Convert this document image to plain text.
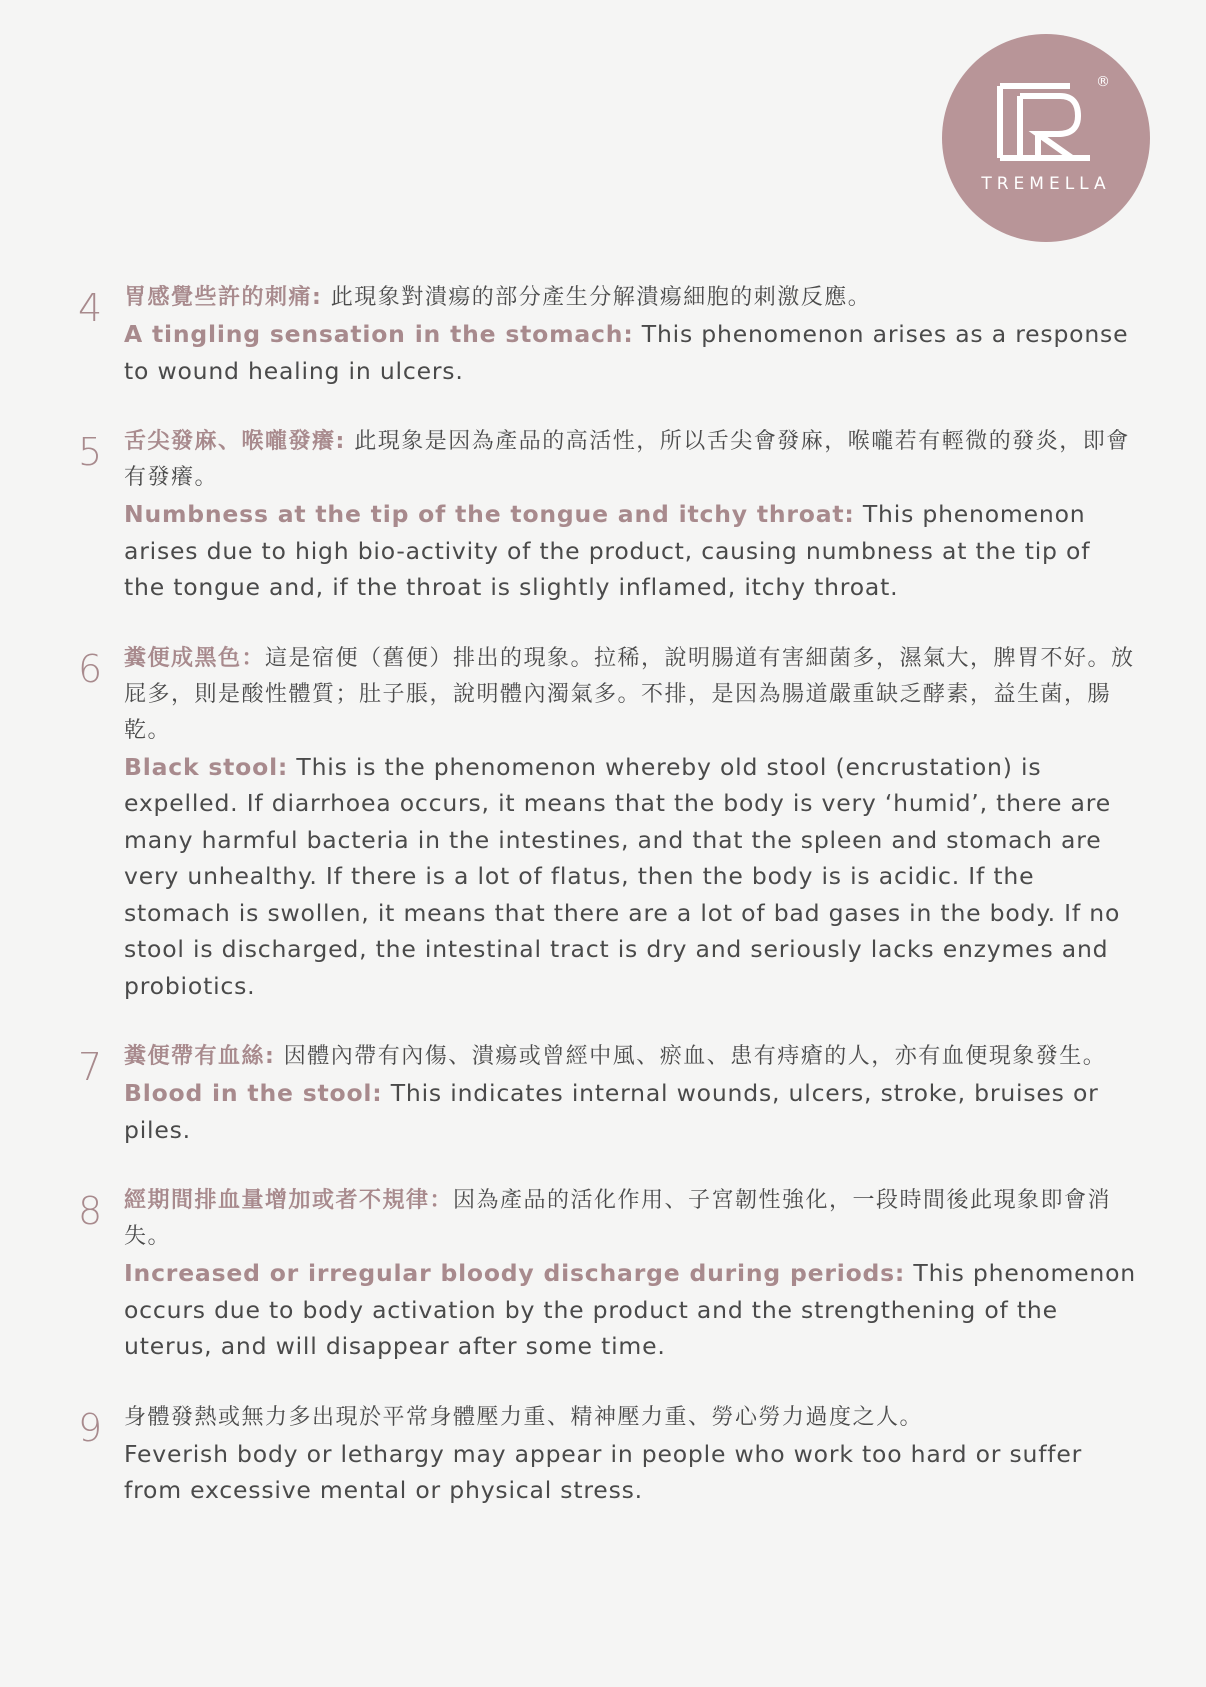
®
TREMELLA
4 胃感覺些許的刺痛: 此現象對潰瘍的部分產生分解潰瘍細胞的刺激反應。
A tingling sensation in the stomach: This phenomenon arises as a response to wound healing in ulcers.
5 舌尖發麻、喉嚨發癢: 此現象是因為產品的高活性，所以舌尖會發麻，喉嚨若有輕微的發炎，即會有發癢。
Numbness at the tip of the tongue and itchy throat: This phenomenon arises due to high bio-activity of the product, causing numbness at the tip of the tongue and, if the throat is slightly inflamed, itchy throat.
6 糞便成黑色：這是宿便（舊便）排出的現象。拉稀，說明腸道有害細菌多，濕氣大，脾胃不好。放屁多，則是酸性體質；肚子脹，說明體內濁氣多。不排，是因為腸道嚴重缺乏酵素，益生菌，腸乾。
Black stool: This is the phenomenon whereby old stool (encrustation) is expelled. If diarrhoea occurs, it means that the body is very ‘humid’, there are many harmful bacteria in the intestines, and that the spleen and stomach are very unhealthy. If there is a lot of flatus, then the body is is acidic. If the stomach is swollen, it means that there are a lot of bad gases in the body. If no stool is discharged, the intestinal tract is dry and seriously lacks enzymes and probiotics.
7 糞便帶有血絲: 因體內帶有內傷、潰瘍或曾經中風、瘀血、患有痔瘡的人，亦有血便現象發生。
Blood in the stool: This indicates internal wounds, ulcers, stroke, bruises or piles.
8 經期間排血量增加或者不規律：因為產品的活化作用、子宮韌性強化，一段時間後此現象即會消失。
Increased or irregular bloody discharge during periods: This phenomenon occurs due to body activation by the product and the strengthening of the uterus, and will disappear after some time.
9 身體發熱或無力多出現於平常身體壓力重、精神壓力重、勞心勞力過度之人。
Feverish body or lethargy may appear in people who work too hard or suffer from excessive mental or physical stress.
